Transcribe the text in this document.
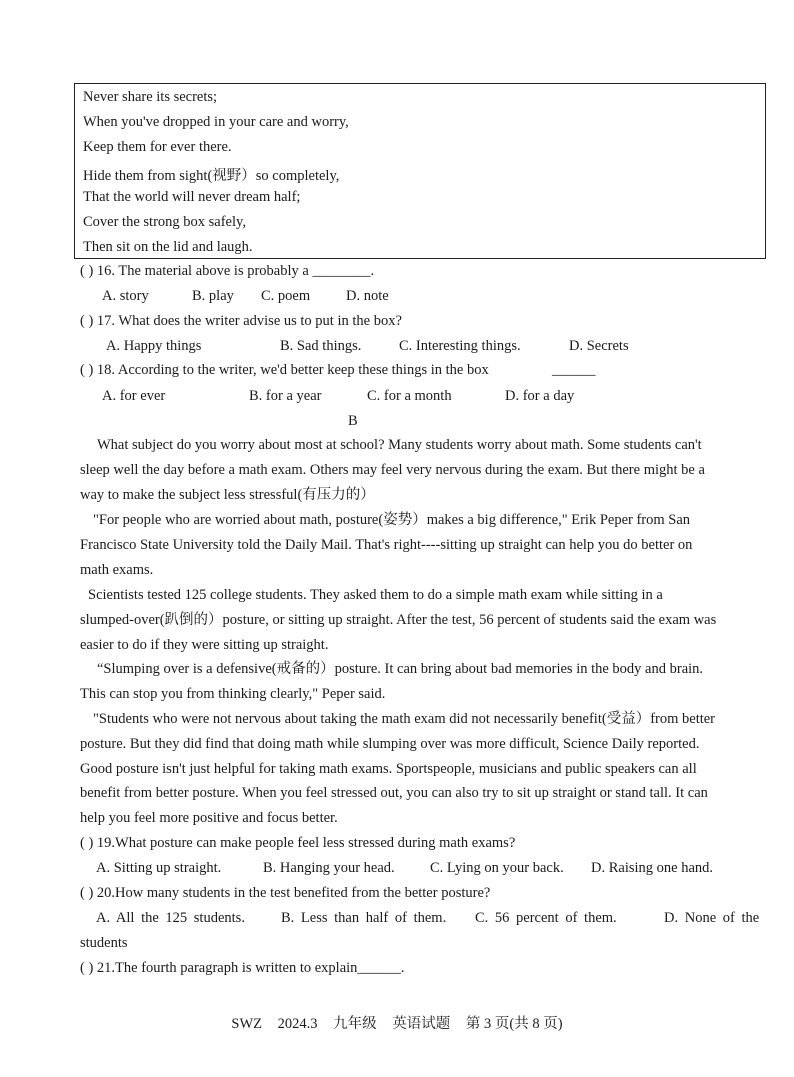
Never share its secrets;
When you've dropped in your care and worry,
Keep them for ever there.
Hide them from sight(视野）so completely,
That the world will never dream half;
Cover the strong box safely,
Then sit on the lid and laugh.
( ) 16. The material above is probably a ________.
A. story	B. play C. poem D. note
( ) 17. What does the writer advise us to put in the box?
A. Happy things	B. Sad things.	C. Interesting things.	D. Secrets
( ) 18. According to the writer, we'd better keep these things in the box	______
A. for ever	B. for a year	C. for a month	D. for a day
B
What subject do you worry about most at school? Many students worry about math. Some students can't
sleep well the day before a math exam. Others may feel very nervous during the exam. But there might be a
way to make the subject less stressful(有压力的）
"For people who are worried about math, posture(姿势）makes a big difference," Erik Peper from San
Francisco State University told the Daily Mail. That's right----sitting up straight can help you do better on
math exams.
Scientists tested 125 college students. They asked them to do a simple math exam while sitting in a
slumped-over(趴倒的）posture, or sitting up straight. After the test, 56 percent of students said the exam was
easier to do if they were sitting up straight.
“Slumping over is a defensive(戒备的）posture. It can bring about bad memories in the body and brain.
This can stop you from thinking clearly," Peper said.
"Students who were not nervous about taking the math exam did not necessarily benefit(受益）from better
posture. But they did find that doing math while slumping over was more difficult, Science Daily reported.
Good posture isn't just helpful for taking math exams. Sportspeople, musicians and public speakers can all
benefit from better posture. When you feel stressed out, you can also try to sit up straight or stand tall. It can
help you feel more positive and focus better.
( ) 19.What posture can make people feel less stressed during math exams?
A. Sitting up straight.	B. Hanging your head. C. Lying on your back. D. Raising one hand.
( ) 20.How many students in the test benefited from the better posture?
A. All the 125 students. B. Less than half of them. C. 56 percent of them.	D. None of the
students
( ) 21.The fourth paragraph is written to explain______.
SWZ 2024.3 九年级 英语试题 第 3 页(共 8 页)
